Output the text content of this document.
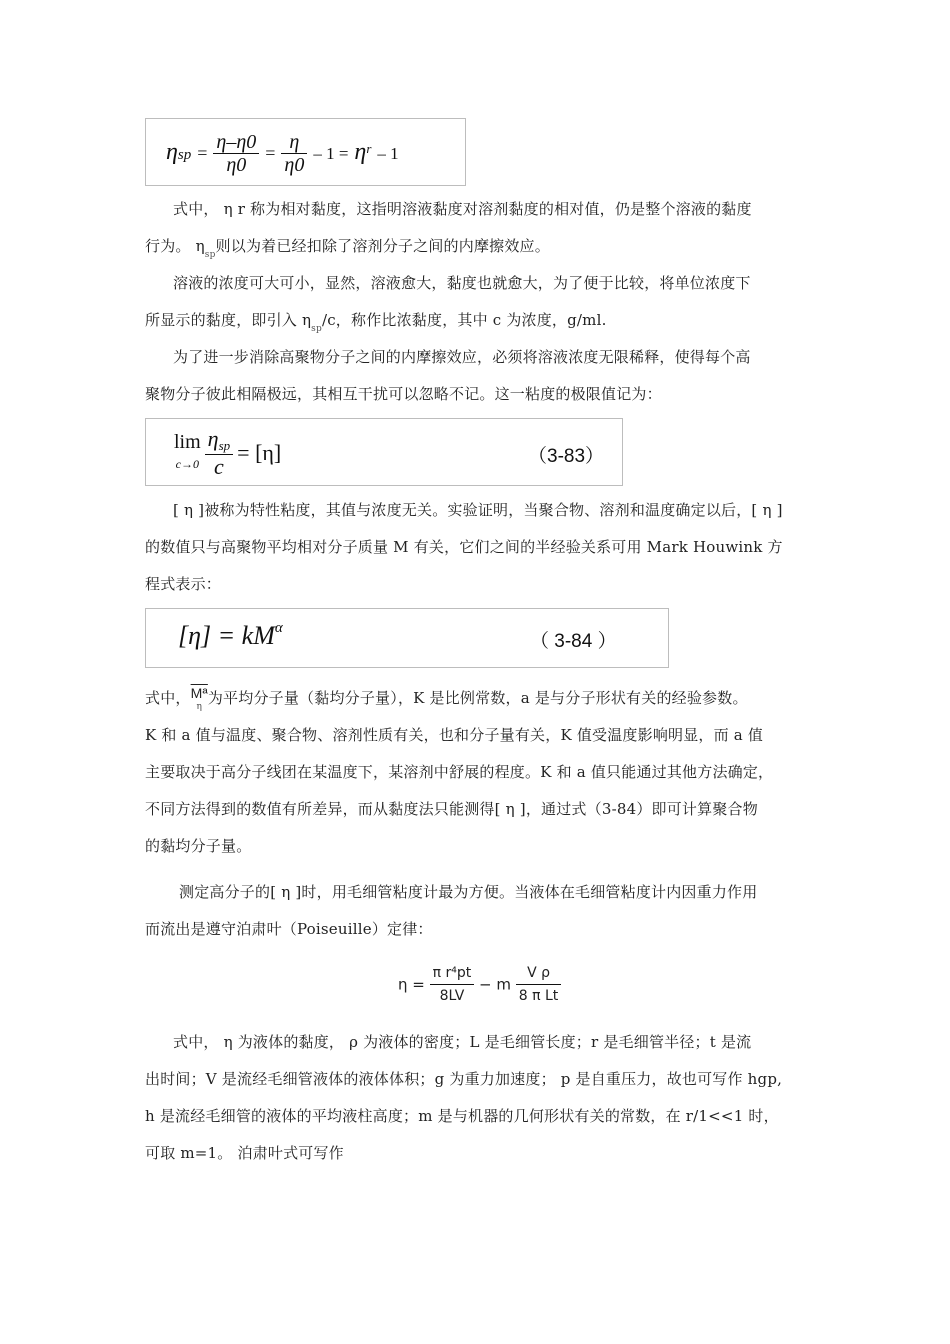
$\eta sp = \frac{\eta-\eta 0}{\eta 0} = \frac{\eta}{\eta 0} - 1 = \eta^r - 1$

式中， η r 称为相对黏度，这指明溶液黏度对溶剂黏度的相对值，仍是整个溶液的黏度

行为。 $\eta_{sp}$则以为着已经扣除了溶剂分子之间的内摩擦效应。

溶液的浓度可大可小，显然，溶液愈大，黏度也就愈大，为了便于比较，将单位浓度下

所显示的黏度，即引入 $\eta_{sp}/c$，称作比浓黏度，其中 c 为浓度，g/ml.

为了进一步消除高聚物分子之间的内摩擦效应，必须将溶液浓度无限稀释，使得每个高

聚物分子彼此相隔极远，其相互干扰可以忽略不记。这一粘度的极限值记为：

lim
$c\to 0 \frac{\text{ηsp}}{c} = [\eta]$	（3-83）

[ η ]被称为特性粘度，其值与浓度无关。实验证明，当聚合物、溶剂和温度确定以后，[ η ]

的数值只与高聚物平均相对分子质量 M 有关，它们之间的半经验关系可用 Mark Houwink 方

程式表示：

$[\eta] = kM^\alpha$
（ 3-84 ）

式中， $\overline{Mª}$
η 为平均分子量（黏均分子量），K 是比例常数，a 是与分子形状有关的经验参数。

K 和 a 值与温度、聚合物、溶剂性质有关，也和分子量有关，K 值受温度影响明显，而 a 值

主要取决于高分子线团在某温度下，某溶剂中舒展的程度。K 和 a 值只能通过其他方法确定，

不同方法得到的数值有所差异，而从黏度法只能测得[ η ]，通过式（3-84）即可计算聚合物

的黏均分子量。

测定高分子的[ η ]时，用毛细管粘度计最为方便。当液体在毛细管粘度计内因重力作用

而流出是遵守泊肃叶（Poiseuille）定律：

$\eta = \frac{\text{π r⁴pt}}{8LV} - m \frac{\text{V ρ}}{\text{8 π Lt}}$

式中， η 为液体的黏度， ρ 为液体的密度；L 是毛细管长度；r 是毛细管半径；t 是流

出时间；V 是流经毛细管液体的液体体积；g 为重力加速度； p 是自重压力，故也可写作 hgp,

h 是流经毛细管的液体的平均液柱高度；m 是与机器的几何形状有关的常数，在 r/1<<1 时，

可取 m=1。 泊肃叶式可写作
